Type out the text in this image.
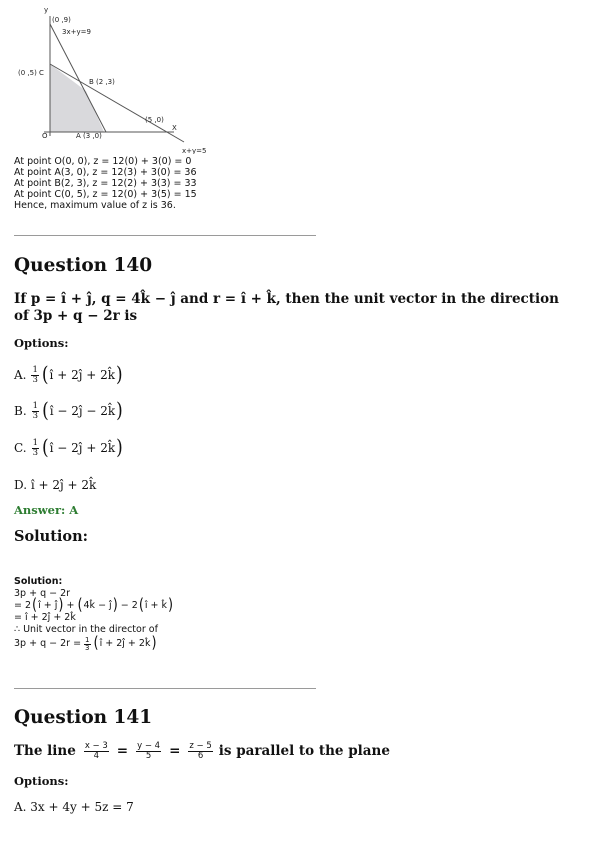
y
X
O
(0 ,9)
3x+y=9
(0 ,5) C
B (2 ,3)
(5 ,0)
A (3 ,0)
x+y=5
At point O(0, 0), z = 12(0) + 3(0) = 0
At point A(3, 0), z = 12(3) + 3(0) = 36
At point B(2, 3), z = 12(2) + 3(3) = 33
At point C(0, 5), z = 12(0) + 3(5) = 15
Hence, maximum value of z is 36.
Question 140
If p = î + ĵ, q = 4k̂ − ĵ and r = î + k̂, then the unit vector in the direction
of 3p + q − 2r is
Options:
A. $\frac{1}{3}$ ( î + 2ĵ + 2k̂ )
B. $\frac{1}{3}$ ( î − 2ĵ − 2k̂ )
C. $\frac{1}{3}$ ( î − 2ĵ + 2k̂ )
D. î + 2ĵ + 2k̂
Answer: A
Solution:
Solution:
3p + q − 2r
= 2 ( î + ĵ ) + ( 4k̂ − ĵ ) − 2 ( î + k̂ )
= î + 2ĵ + 2k̂
∴ Unit vector in the director of
$3p + q - 2r = \frac{1}{3}$ ( î + 2ĵ + 2k̂ )
Question 141
The line $\frac{x - 3}{4} = \frac{y - 4}{5} = \frac{z - 5}{6}$ is parallel to the plane
Options:
A. 3x + 4y + 5z = 7
